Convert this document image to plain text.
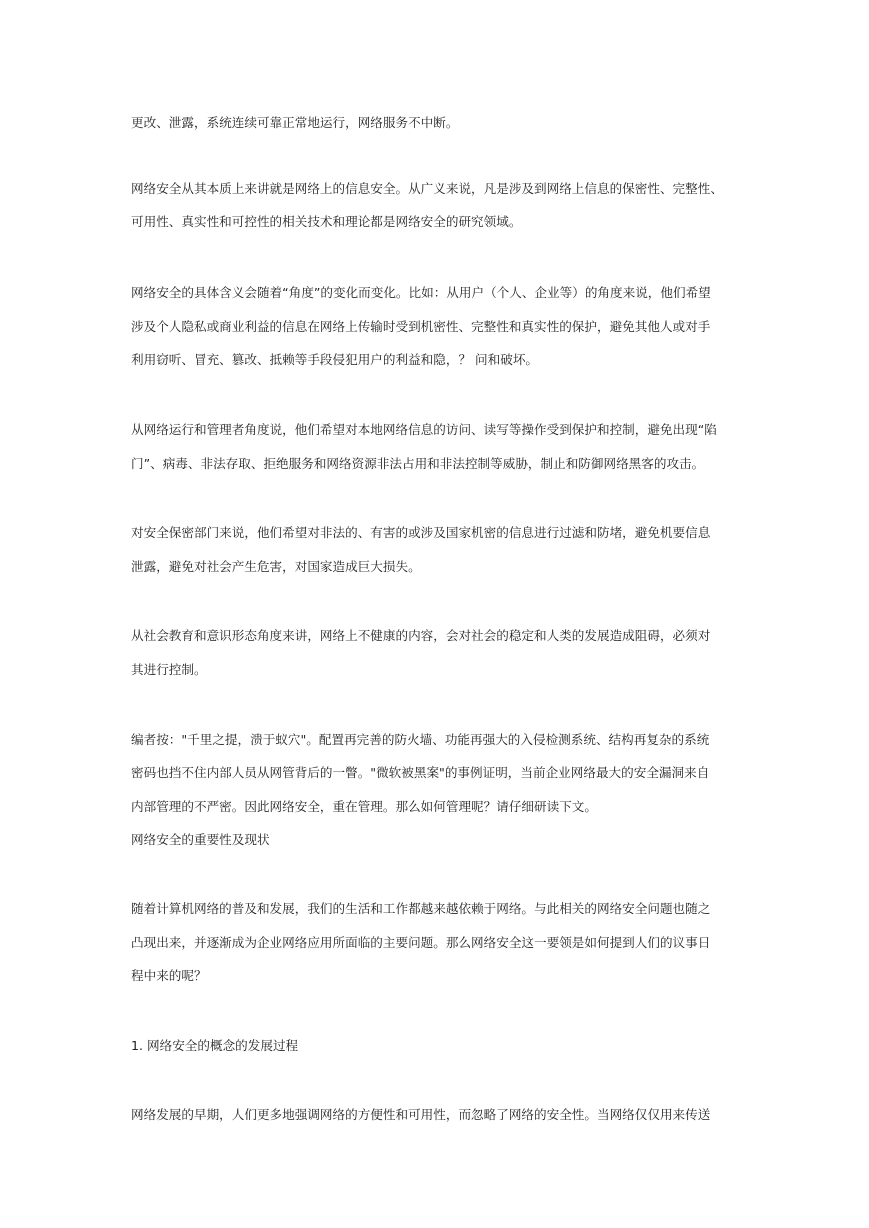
更改、泄露，系统连续可靠正常地运行，网络服务不中断。
网络安全从其本质上来讲就是网络上的信息安全。从广义来说，凡是涉及到网络上信息的保密性、完整性、
可用性、真实性和可控性的相关技术和理论都是网络安全的研究领域。
网络安全的具体含义会随着“角度”的变化而变化。比如：从用户（个人、企业等）的角度来说，他们希望
涉及个人隐私或商业利益的信息在网络上传输时受到机密性、完整性和真实性的保护，避免其他人或对手
利用窃听、冒充、篡改、抵赖等手段侵犯用户的利益和隐，？ 问和破坏。
从网络运行和管理者角度说，他们希望对本地网络信息的访问、读写等操作受到保护和控制，避免出现“陷
门”、病毒、非法存取、拒绝服务和网络资源非法占用和非法控制等威胁，制止和防御网络黑客的攻击。
对安全保密部门来说，他们希望对非法的、有害的或涉及国家机密的信息进行过滤和防堵，避免机要信息
泄露，避免对社会产生危害，对国家造成巨大损失。
从社会教育和意识形态角度来讲，网络上不健康的内容，会对社会的稳定和人类的发展造成阻碍，必须对
其进行控制。
编者按："千里之提，溃于蚁穴"。配置再完善的防火墙、功能再强大的入侵检测系统、结构再复杂的系统
密码也挡不住内部人员从网管背后的一瞥。"微软被黑案"的事例证明，当前企业网络最大的安全漏洞来自
内部管理的不严密。因此网络安全，重在管理。那么如何管理呢？请仔细研读下文。
网络安全的重要性及现状
随着计算机网络的普及和发展，我们的生活和工作都越来越依赖于网络。与此相关的网络安全问题也随之
凸现出来，并逐渐成为企业网络应用所面临的主要问题。那么网络安全这一要领是如何提到人们的议事日
程中来的呢？
1. 网络安全的概念的发展过程
网络发展的早期，人们更多地强调网络的方便性和可用性，而忽略了网络的安全性。当网络仅仅用来传送
